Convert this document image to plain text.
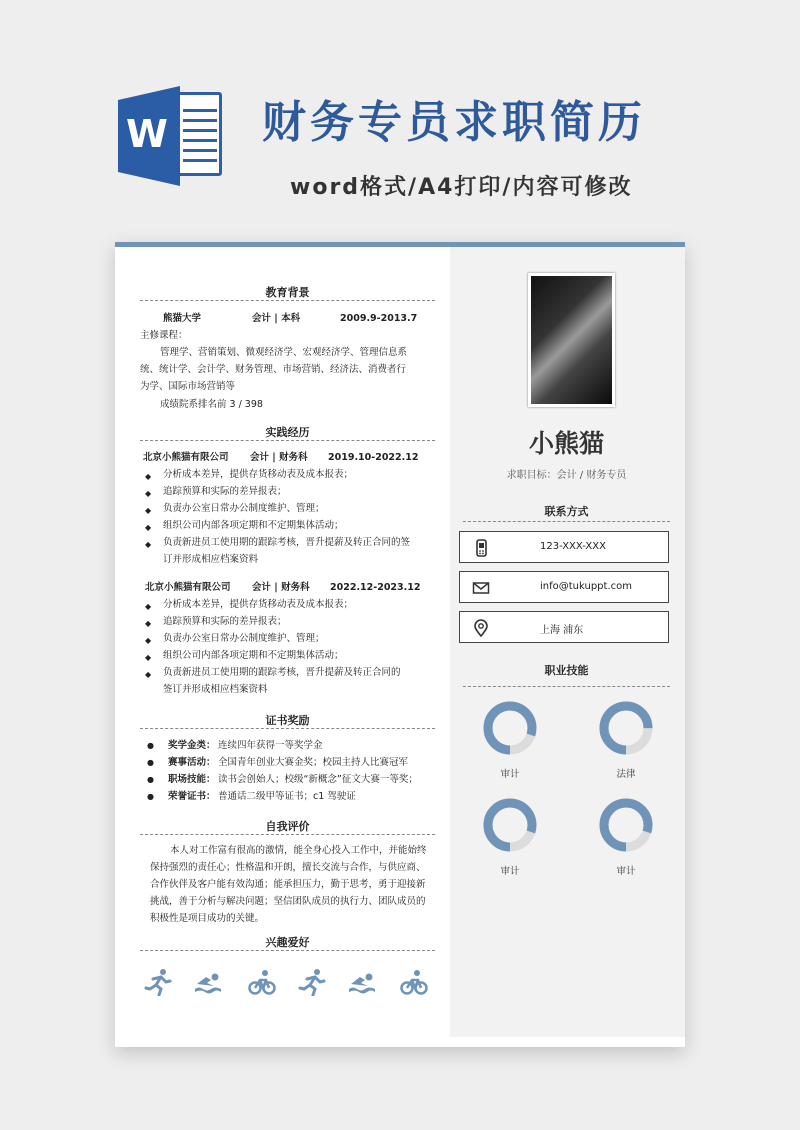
W 财务专员求职简历
word格式/A4打印/内容可修改
教育背景
熊猫大学	会计 | 本科	2009.9-2013.7
主修课程：
管理学、营销策划、微观经济学、宏观经济学、管理信息系
统、统计学、会计学、财务管理、市场营销、经济法、消费者行
为学、国际市场营销等
成绩院系排名前 3 / 398
实践经历
北京小熊猫有限公司 会计 | 财务科 2019.10-2022.12
◆ 分析成本差异，提供存货移动表及成本报表；
◆ 追踪预算和实际的差异报表；
◆ 负责办公室日常办公制度维护、管理；
◆ 组织公司内部各项定期和不定期集体活动；
◆ 负责新进员工使用期的跟踪考核，晋升提薪及转正合同的签
订并形成相应档案资料
北京小熊猫有限公司 会计 | 财务科 2022.12-2023.12
◆ 分析成本差异，提供存货移动表及成本报表；
◆ 追踪预算和实际的差异报表；
◆ 负责办公室日常办公制度维护、管理；
◆ 组织公司内部各项定期和不定期集体活动；
◆ 负责新进员工使用期的跟踪考核，晋升提薪及转正合同的
签订并形成相应档案资料
证书奖励
● 奖学金类： 连续四年获得一等奖学金
● 赛事活动： 全国青年创业大赛金奖；校园主持人比赛冠军
● 职场技能： 读书会创始人；校级“新概念”征文大赛一等奖；
● 荣誉证书： 普通话二级甲等证书；c1 驾驶证
自我评价
本人对工作富有很高的激情，能全身心投入工作中，并能始终
保持强烈的责任心；性格温和开朗，擅长交流与合作，与供应商、
合作伙伴及客户能有效沟通；能承担压力，勤于思考，勇于迎接新
挑战，善于分析与解决问题；坚信团队成员的执行力、团队成员的
积极性是项目成功的关键。
兴趣爱好
小熊猫
求职目标：会计 / 财务专员
联系方式
123-XXX-XXX
info@tukuppt.com
上海 浦东
职业技能
审计	法律
审计	审计
